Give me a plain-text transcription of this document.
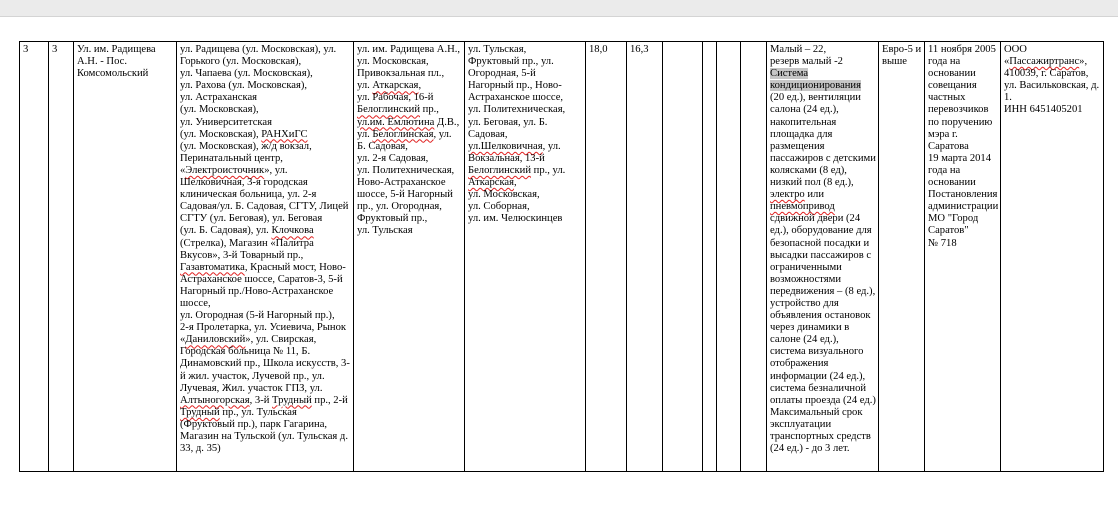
3	3	Ул. им. Радищева А.Н. - Пос. Комсомольский	ул. Радищева (ул. Московская), ул. Горького (ул. Московская),
ул. Чапаева (ул. Московская),
ул. Рахова (ул. Московская),
ул. Астраханская
(ул. Московская),
ул. Университетская
(ул. Московская), РАНХиГС
(ул. Московская), ж/д вокзал, Перинатальный центр, «Электроисточник», ул. Шелковичная, 3-я городская клиническая больница, ул. 2-я Садовая/ул. Б. Садовая, СГТУ, Лицей СГТУ (ул. Беговая), ул. Беговая
(ул. Б. Садовая), ул. Клочкова
(Стрелка), Магазин «Палитра Вкусов», 3-й Товарный пр., Газавтоматика, Красный мост, Ново-Астраханское шоссе, Саратов-3, 5-й Нагорный пр./Ново-Астраханское шоссе,
ул. Огородная (5-й Нагорный пр.),
2-я Пролетарка, ул. Усиевича, Рынок «Даниловский», ул. Свирская, Городская больница № 11, Б. Динамовский пр., Школа искусств, 3-й жил. участок, Лучевой пр., ул. Лучевая, Жил. участок ГПЗ, ул. Алтыногорская, 3-й Трудный пр., 2-й Трудный пр., ул. Тульская (Фруктовый пр.), парк Гагарина, Магазин на Тульской (ул. Тульская д. 33, д. 35)	ул. им. Радищева А.Н., ул. Московская, Привокзальная пл.,
ул. Аткарская,
ул. Рабочая, 16-й Белоглинский пр.,
ул.им. Емлютина Д.В.,
ул. Белоглинская, ул. Б. Садовая,
ул. 2-я Садовая,
ул. Политехническая,
Ново-Астраханское шоссе, 5-й Нагорный пр., ул. Огородная, Фруктовый пр.,
ул. Тульская	ул. Тульская,
Фруктовый пр., ул. Огородная, 5-й Нагорный пр., Ново-Астраханское шоссе,
ул. Политехническая,
ул. Беговая, ул. Б. Садовая,
ул.Шелковичная, ул. Вокзальная, 13-й Белоглинский пр., ул. Аткарская,
ул. Московская,
ул. Соборная,
ул. им. Челюскинцев	18,0	16,3					Малый – 22,
резерв малый -2
Система кондиционирования (20 ед.), вентиляции салона (24 ед.), накопительная площадка для размещения пассажиров с детскими колясками (8 ед), низкий пол (8 ед.), электро или пневмопривод сдвижной двери (24 ед.), оборудование для безопасной посадки и высадки пассажиров с ограниченными возможностями передвижения – (8 ед.), устройство для объявления остановок через динамики в салоне (24 ед.),
система визуального отображения информации (24 ед.), система безналичной оплаты проезда (24 ед.)
Максимальный срок эксплуатации транспортных средств (24 ед.) - до 3 лет.	Евро-5 и выше	11 ноября 2005 года на основании совещания частных перевозчиков по поручению мэра г. Саратова
19 марта 2014 года на основании Постановления администрации МО "Город Саратов"
№ 718	ООО «Пассажиртранс», 410039, г. Саратов, ул. Васильковская, д. 1.
ИНН 6451405201
